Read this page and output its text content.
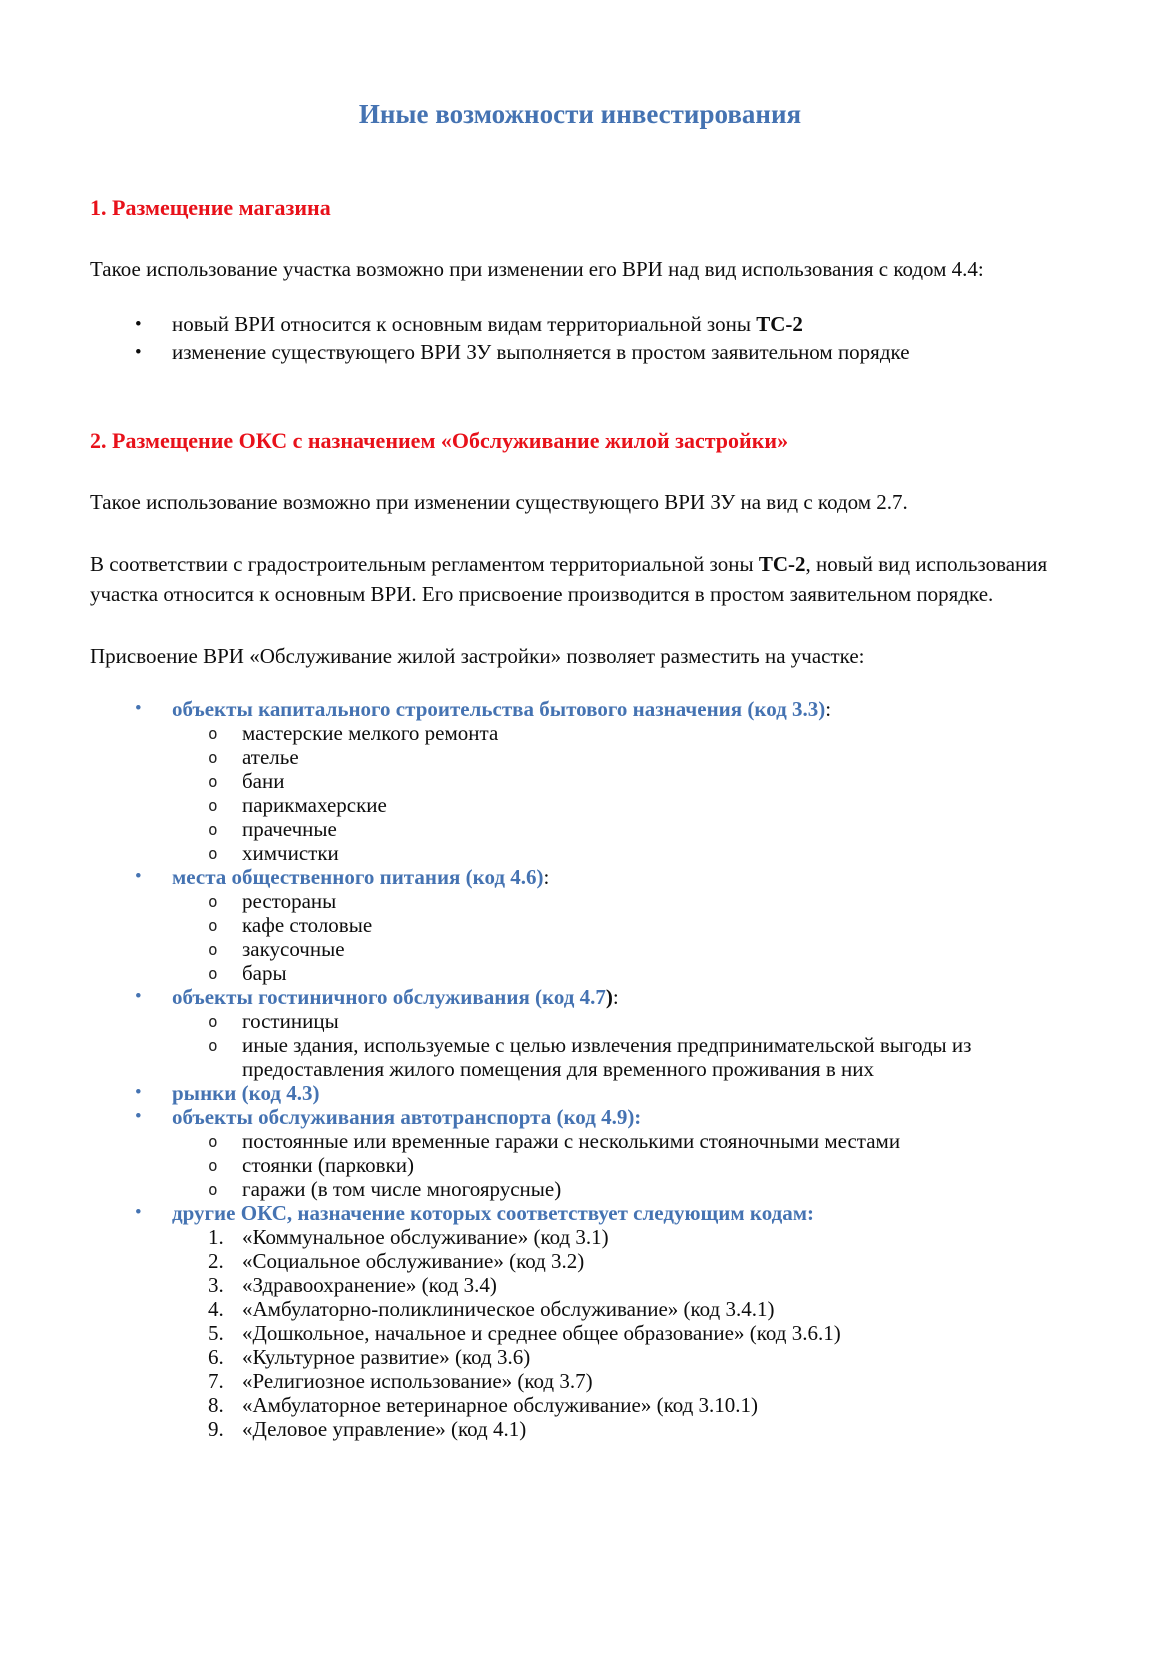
Иные возможности инвестирования
1. Размещение магазина

Такое использование участка возможно при изменении его ВРИ над вид использования с кодом 4.4:

• новый ВРИ относится к основным видам территориальной зоны ТС-2
• изменение существующего ВРИ ЗУ выполняется в простом заявительном порядке
2. Размещение ОКС с назначением «Обслуживание жилой застройки»

Такое использование возможно при изменении существующего ВРИ ЗУ на вид с кодом 2.7.

В соответствии с градостроительным регламентом территориальной зоны ТС-2, новый вид использования участка относится к основным ВРИ. Его присвоение производится в простом заявительном порядке.

Присвоение ВРИ «Обслуживание жилой застройки» позволяет разместить на участке:

• объекты капитального строительства бытового назначения (код 3.3):
o мастерские мелкого ремонта
o ателье
o бани
o парикмахерские
o прачечные
o химчистки
• места общественного питания (код 4.6):
o рестораны
o кафе столовые
o закусочные
o бары
• объекты гостиничного обслуживания (код 4.7):
o гостиницы
o иные здания, используемые с целью извлечения предпринимательской выгоды из предоставления жилого помещения для временного проживания в них
• рынки (код 4.3)
• объекты обслуживания автотранспорта (код 4.9):
o постоянные или временные гаражи с несколькими стояночными местами
o стоянки (парковки)
o гаражи (в том числе многоярусные)
• другие ОКС, назначение которых соответствует следующим кодам:
1. «Коммунальное обслуживание» (код 3.1)
2. «Социальное обслуживание» (код 3.2)
3. «Здравоохранение» (код 3.4)
4. «Амбулаторно-поликлиническое обслуживание» (код 3.4.1)
5. «Дошкольное, начальное и среднее общее образование» (код 3.6.1)
6. «Культурное развитие» (код 3.6)
7. «Религиозное использование» (код 3.7)
8. «Амбулаторное ветеринарное обслуживание» (код 3.10.1)
9. «Деловое управление» (код 4.1)
